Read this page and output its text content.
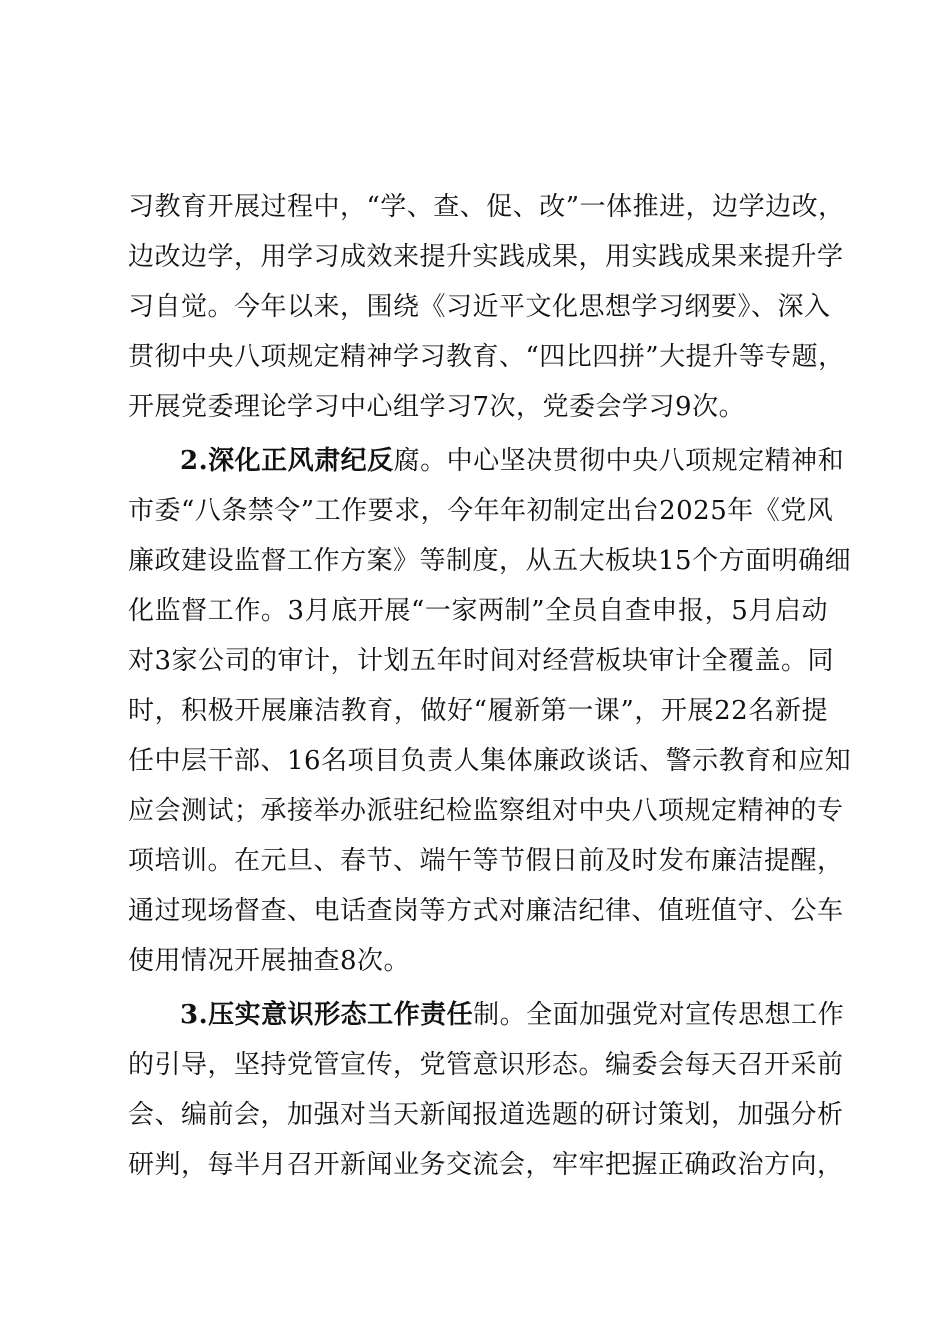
习教育开展过程中，“学、查、促、改”一体推进，边学边改，
边改边学，用学习成效来提升实践成果，用实践成果来提升学
习自觉。今年以来，围绕《习近平文化思想学习纲要》、深入
贯彻中央八项规定精神学习教育、“四比四拼”大提升等专题，
开展党委理论学习中心组学习7次，党委会学习9次。
2.深化正风肃纪反腐。中心坚决贯彻中央八项规定精神和
市委“八条禁令”工作要求，今年年初制定出台2025年《党风
廉政建设监督工作方案》等制度，从五大板块15个方面明确细
化监督工作。3月底开展“一家两制”全员自查申报，5月启动
对3家公司的审计，计划五年时间对经营板块审计全覆盖。同
时，积极开展廉洁教育，做好“履新第一课”，开展22名新提
任中层干部、16名项目负责人集体廉政谈话、警示教育和应知
应会测试；承接举办派驻纪检监察组对中央八项规定精神的专
项培训。在元旦、春节、端午等节假日前及时发布廉洁提醒，
通过现场督查、电话查岗等方式对廉洁纪律、值班值守、公车
使用情况开展抽查8次。
3.压实意识形态工作责任制。全面加强党对宣传思想工作
的引导，坚持党管宣传，党管意识形态。编委会每天召开采前
会、编前会，加强对当天新闻报道选题的研讨策划，加强分析
研判，每半月召开新闻业务交流会，牢牢把握正确政治方向，
